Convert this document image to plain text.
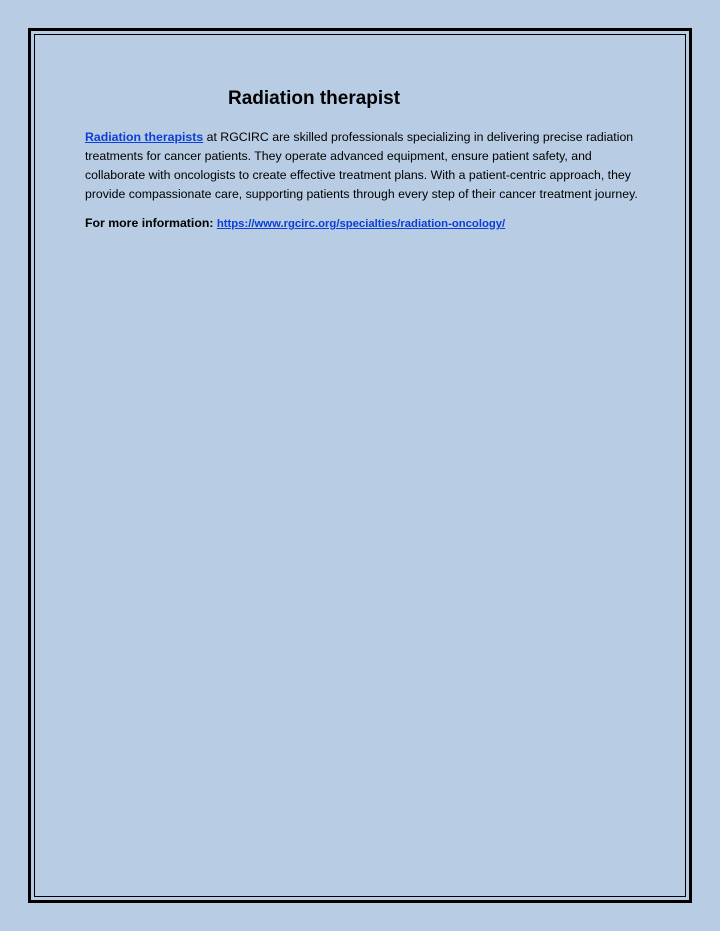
Radiation therapist

Radiation therapists at RGCIRC are skilled professionals specializing in delivering precise radiation treatments for cancer patients. They operate advanced equipment, ensure patient safety, and collaborate with oncologists to create effective treatment plans. With a patient-centric approach, they provide compassionate care, supporting patients through every step of their cancer treatment journey.

For more information: https://www.rgcirc.org/specialties/radiation-oncology/
